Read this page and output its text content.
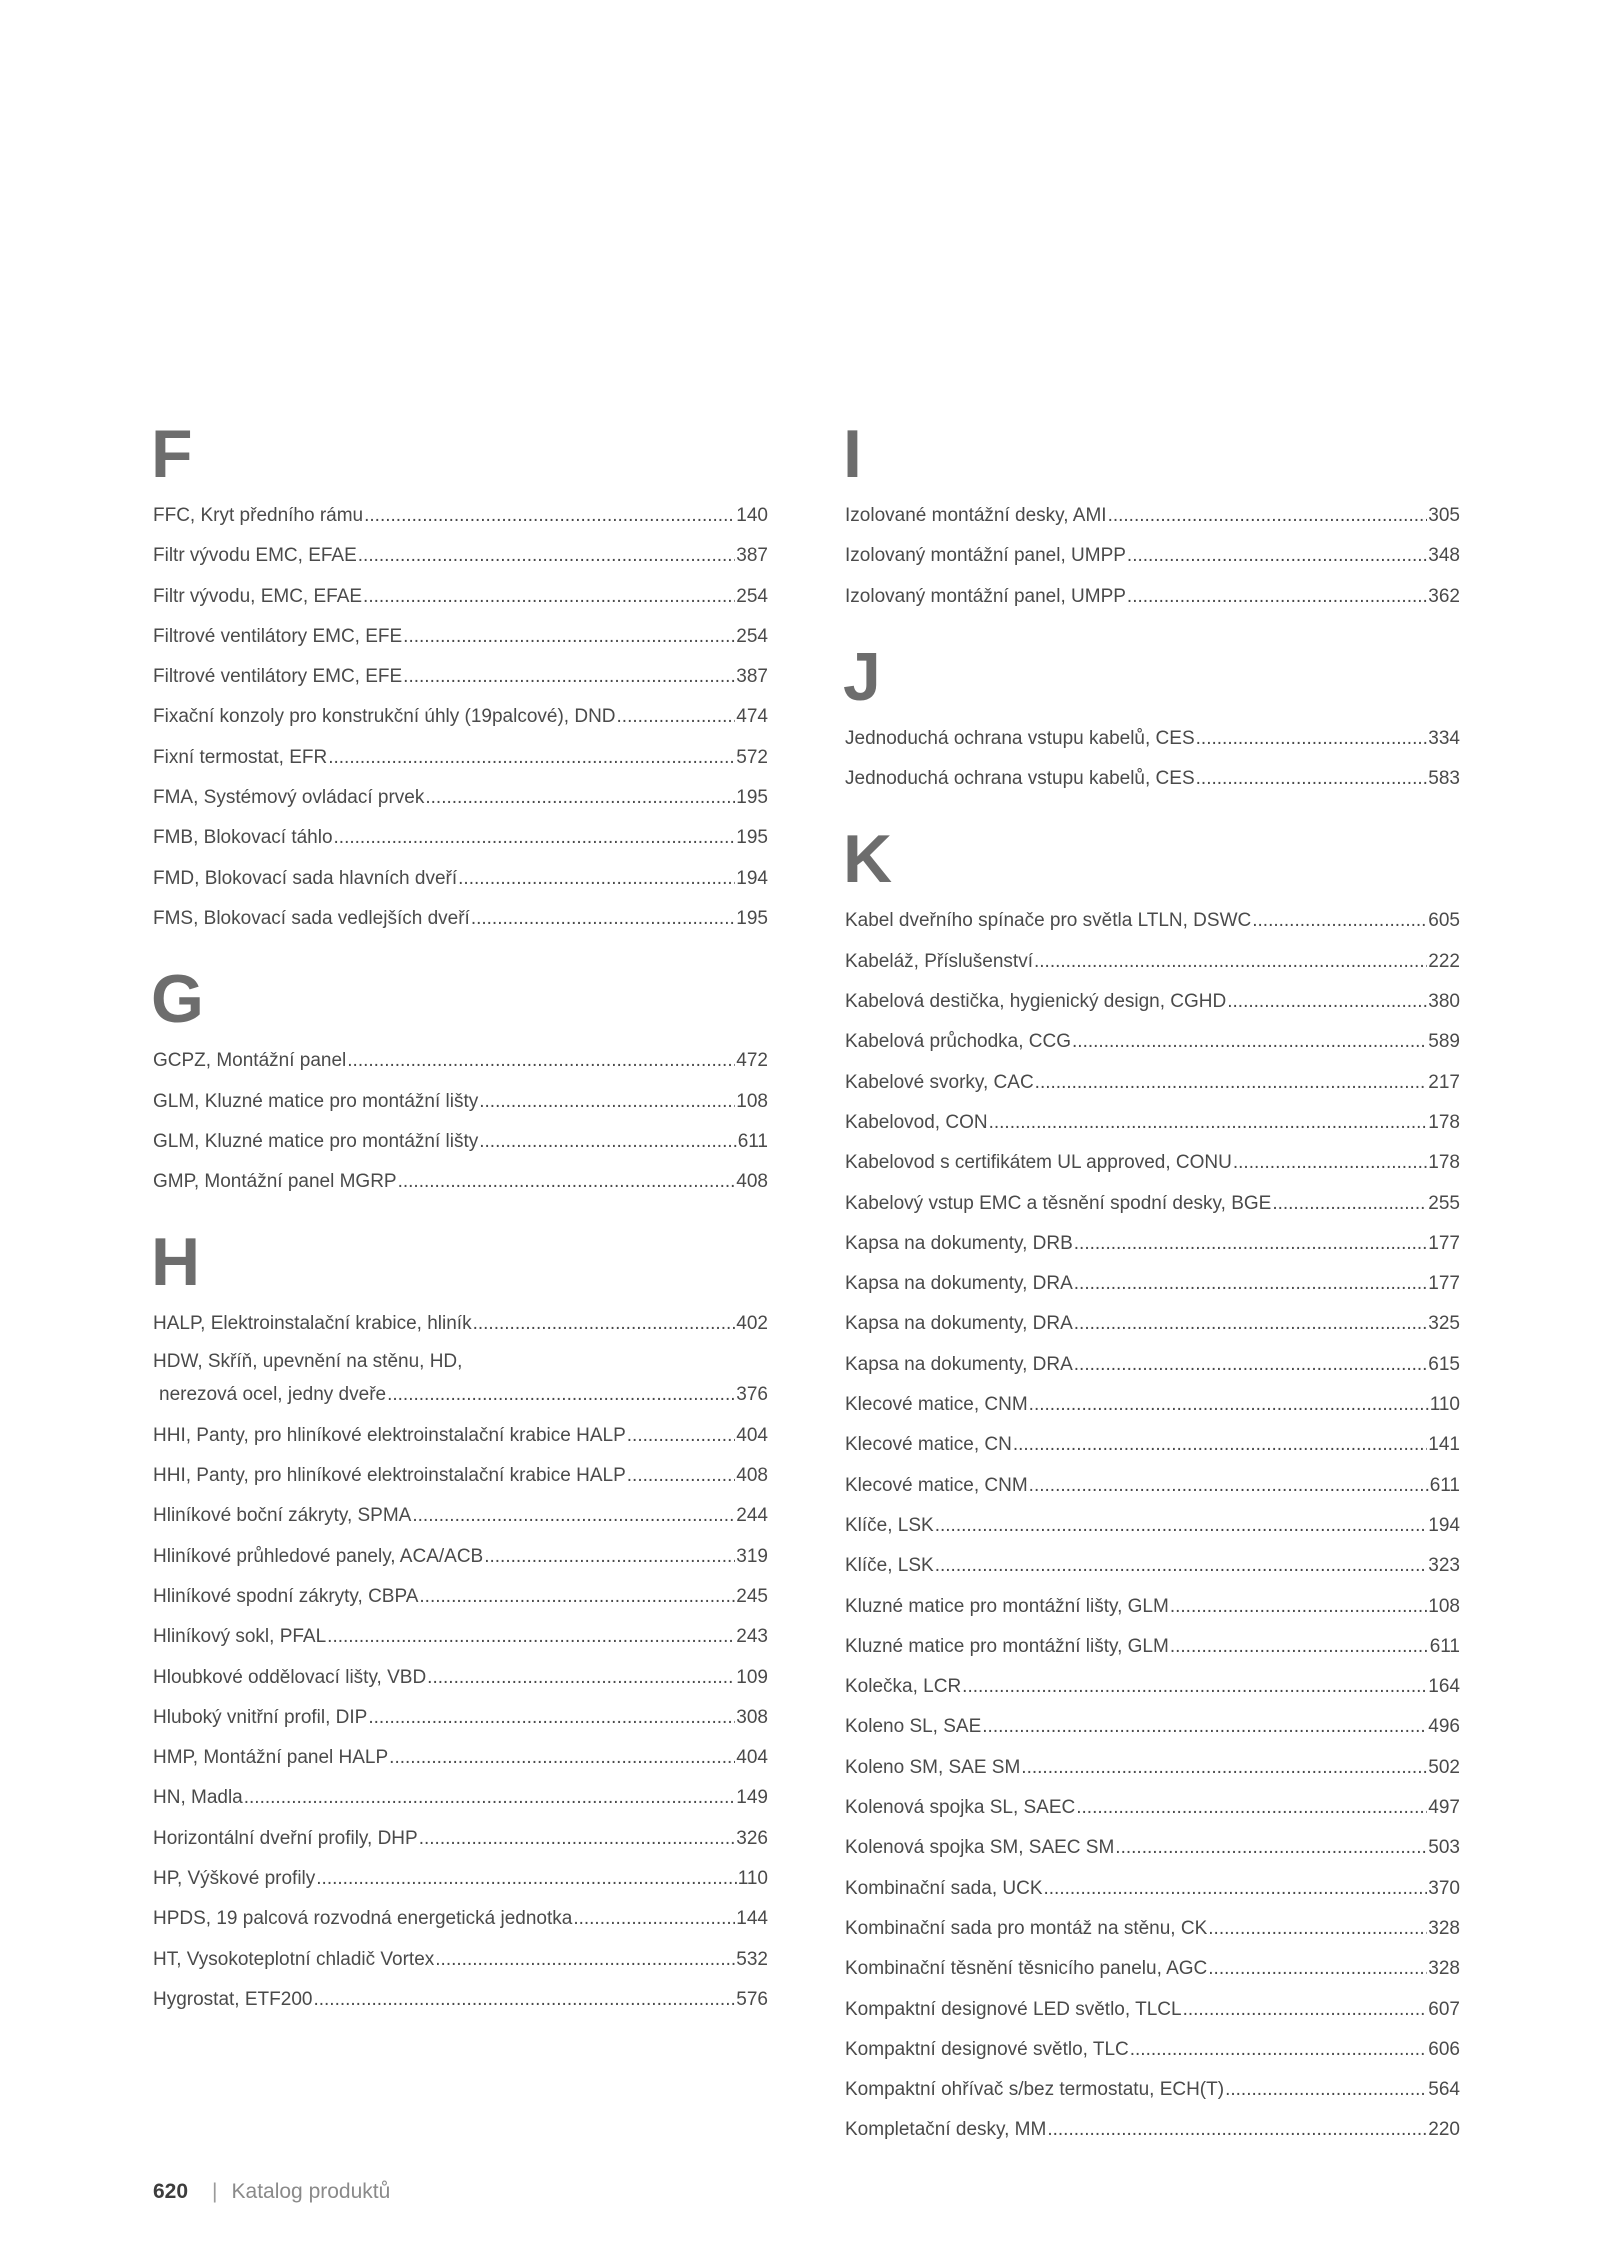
F
FFC, Kryt předního rámu .....	140
Filtr vývodu EMC, EFAE .....	387
Filtr vývodu, EMC, EFAE .....	254
Filtrové ventilátory EMC, EFE .....	254
Filtrové ventilátory EMC, EFE .....	387
Fixační konzoly pro konstrukční úhly (19palcové), DND .....	474
Fixní termostat, EFR .....	572
FMA, Systémový ovládací prvek .....	195
FMB, Blokovací táhlo .....	195
FMD, Blokovací sada hlavních dveří .....	194
FMS, Blokovací sada vedlejších dveří .....	195
G
GCPZ, Montážní panel .....	472
GLM, Kluzné matice pro montážní lišty .....	108
GLM, Kluzné matice pro montážní lišty .....	611
GMP, Montážní panel MGRP .....	408
H
HALP, Elektroinstalační krabice, hliník .....	402
HDW, Skříň, upevnění na stěnu, HD,
nerezová ocel, jedny dveře .....	376
HHI, Panty, pro hliníkové elektroinstalační krabice HALP .....	404
HHI, Panty, pro hliníkové elektroinstalační krabice HALP .....	408
Hliníkové boční zákryty, SPMA .....	244
Hliníkové průhledové panely, ACA/ACB .....	319
Hliníkové spodní zákryty, CBPA .....	245
Hliníkový sokl, PFAL .....	243
Hloubkové oddělovací lišty, VBD .....	109
Hluboký vnitřní profil, DIP .....	308
HMP, Montážní panel HALP .....	404
HN, Madla .....	149
Horizontální dveřní profily, DHP .....	326
HP, Výškové profily .....	110
HPDS, 19 palcová rozvodná energetická jednotka .....	144
HT, Vysokoteplotní chladič Vortex .....	532
Hygrostat, ETF200 .....	576
I
Izolované montážní desky, AMI .....	305
Izolovaný montážní panel, UMPP .....	348
Izolovaný montážní panel, UMPP .....	362
J
Jednoduchá ochrana vstupu kabelů, CES .....	334
Jednoduchá ochrana vstupu kabelů, CES .....	583
K
Kabel dveřního spínače pro světla LTLN, DSWC .....	605
Kabeláž, Příslušenství .....	222
Kabelová destička, hygienický design, CGHD .....	380
Kabelová průchodka, CCG .....	589
Kabelové svorky, CAC .....	217
Kabelovod, CON .....	178
Kabelovod s certifikátem UL approved, CONU .....	178
Kabelový vstup EMC a těsnění spodní desky, BGE .....	255
Kapsa na dokumenty, DRB .....	177
Kapsa na dokumenty, DRA .....	177
Kapsa na dokumenty, DRA .....	325
Kapsa na dokumenty, DRA .....	615
Klecové matice, CNM .....	110
Klecové matice, CN .....	141
Klecové matice, CNM .....	611
Klíče, LSK .....	194
Klíče, LSK .....	323
Kluzné matice pro montážní lišty, GLM .....	108
Kluzné matice pro montážní lišty, GLM .....	611
Kolečka, LCR .....	164
Koleno SL, SAE .....	496
Koleno SM, SAE SM .....	502
Kolenová spojka SL, SAEC .....	497
Kolenová spojka SM, SAEC SM .....	503
Kombinační sada, UCK .....	370
Kombinační sada pro montáž na stěnu, CK .....	328
Kombinační těsnění těsnicího panelu, AGC .....	328
Kompaktní designové LED světlo, TLCL .....	607
Kompaktní designové světlo, TLC .....	606
Kompaktní ohřívač s/bez termostatu, ECH(T) .....	564
Kompletační desky, MM .....	220
620 | Katalog produktů
